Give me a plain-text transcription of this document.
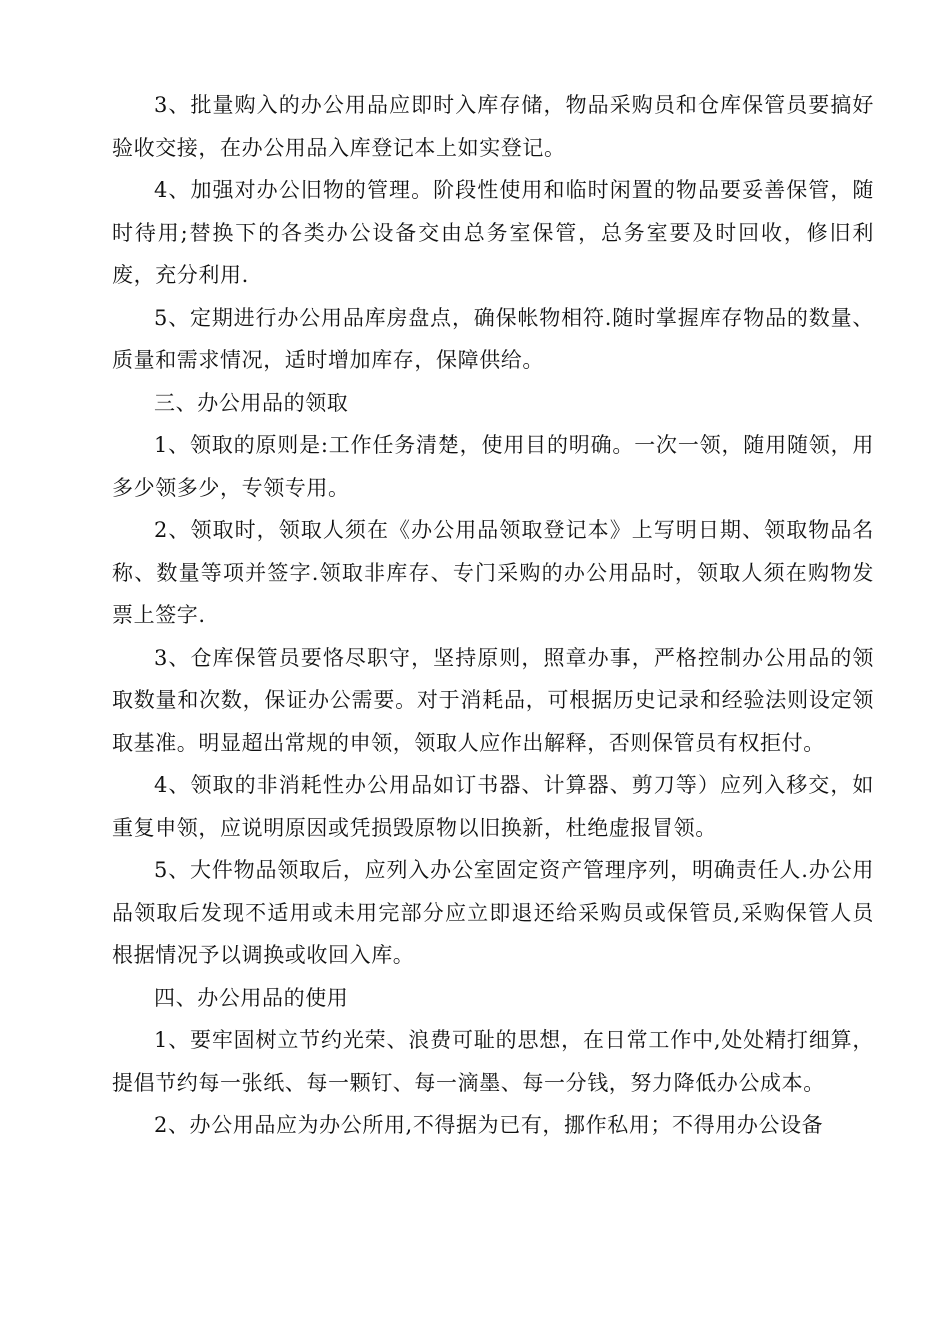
3、批量购入的办公用品应即时入库存储，物品采购员和仓库保管员要搞好验收交接，在办公用品入库登记本上如实登记。

4、加强对办公旧物的管理。阶段性使用和临时闲置的物品要妥善保管，随时待用;替换下的各类办公设备交由总务室保管，总务室要及时回收，修旧利废，充分利用.

5、定期进行办公用品库房盘点，确保帐物相符.随时掌握库存物品的数量、质量和需求情况，适时增加库存，保障供给。

三、办公用品的领取

1、领取的原则是:工作任务清楚，使用目的明确。一次一领，随用随领，用多少领多少，专领专用。

2、领取时，领取人须在《办公用品领取登记本》上写明日期、领取物品名称、数量等项并签字.领取非库存、专门采购的办公用品时，领取人须在购物发票上签字.

3、仓库保管员要恪尽职守，坚持原则，照章办事，严格控制办公用品的领取数量和次数，保证办公需要。对于消耗品，可根据历史记录和经验法则设定领取基准。明显超出常规的申领，领取人应作出解释，否则保管员有权拒付。

4、领取的非消耗性办公用品如订书器、计算器、剪刀等）应列入移交，如重复申领，应说明原因或凭损毁原物以旧换新，杜绝虚报冒领。

5、大件物品领取后，应列入办公室固定资产管理序列，明确责任人.办公用品领取后发现不适用或未用完部分应立即退还给采购员或保管员,采购保管人员根据情况予以调换或收回入库。

四、办公用品的使用

1、要牢固树立节约光荣、浪费可耻的思想，在日常工作中,处处精打细算，提倡节约每一张纸、每一颗钉、每一滴墨、每一分钱，努力降低办公成本。

2、办公用品应为办公所用,不得据为已有，挪作私用；不得用办公设备
